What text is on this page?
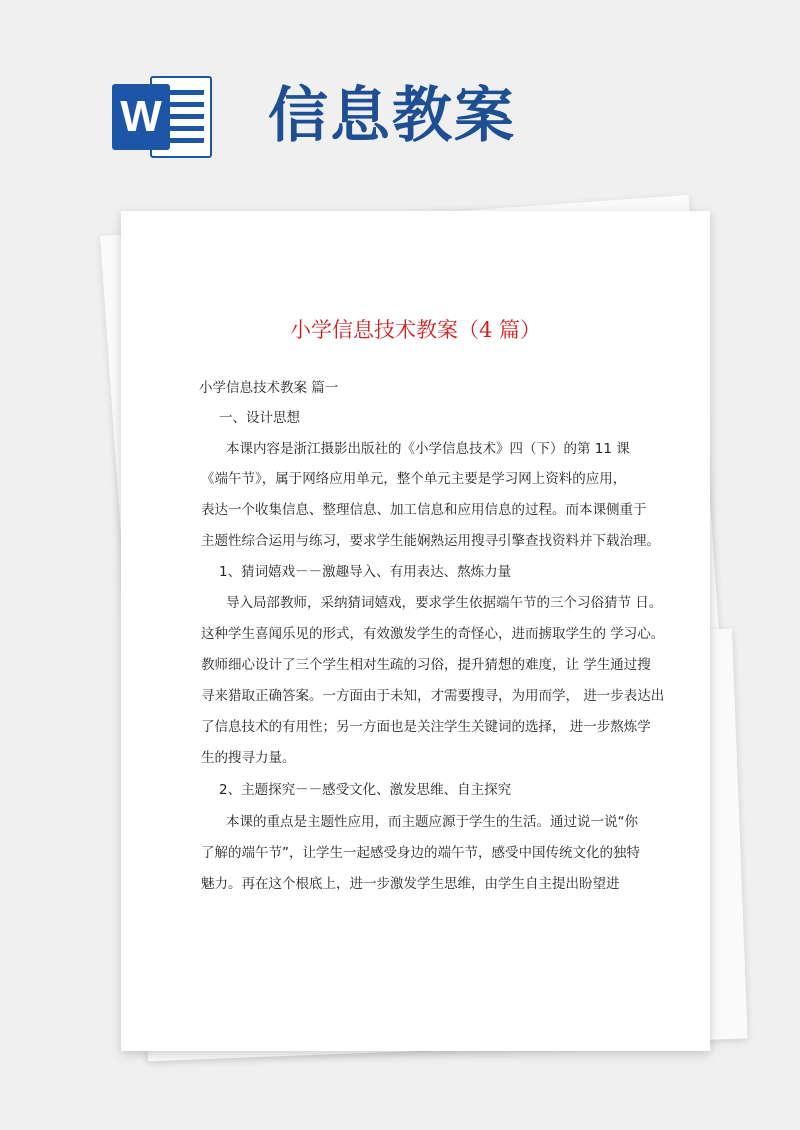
W 信息教案
小学信息技术教案（4 篇）
小学信息技术教案 篇一
一、设计思想
本课内容是浙江摄影出版社的《小学信息技术》四（下）的第 11 课
《端午节》，属于网络应用单元，整个单元主要是学习网上资料的应用，
表达一个收集信息、整理信息、加工信息和应用信息的过程。而本课侧重于
主题性综合运用与练习，要求学生能娴熟运用搜寻引擎查找资料并下载治理。
1、猜词嬉戏－－激趣导入、有用表达、熬炼力量
导入局部教师，采纳猜词嬉戏，要求学生依据端午节的三个习俗猜节 日。
这种学生喜闻乐见的形式，有效激发学生的奇怪心，进而掳取学生的 学习心。
教师细心设计了三个学生相对生疏的习俗，提升猜想的难度，让 学生通过搜
寻来猎取正确答案。一方面由于未知，才需要搜寻，为用而学， 进一步表达出
了信息技术的有用性；另一方面也是关注学生关键词的选择， 进一步熬炼学
生的搜寻力量。
2、主题探究－－感受文化、激发思维、自主探究
本课的重点是主题性应用，而主题应源于学生的生活。通过说一说“你
了解的端午节”，让学生一起感受身边的端午节，感受中国传统文化的独特
魅力。再在这个根底上，进一步激发学生思维，由学生自主提出盼望进
